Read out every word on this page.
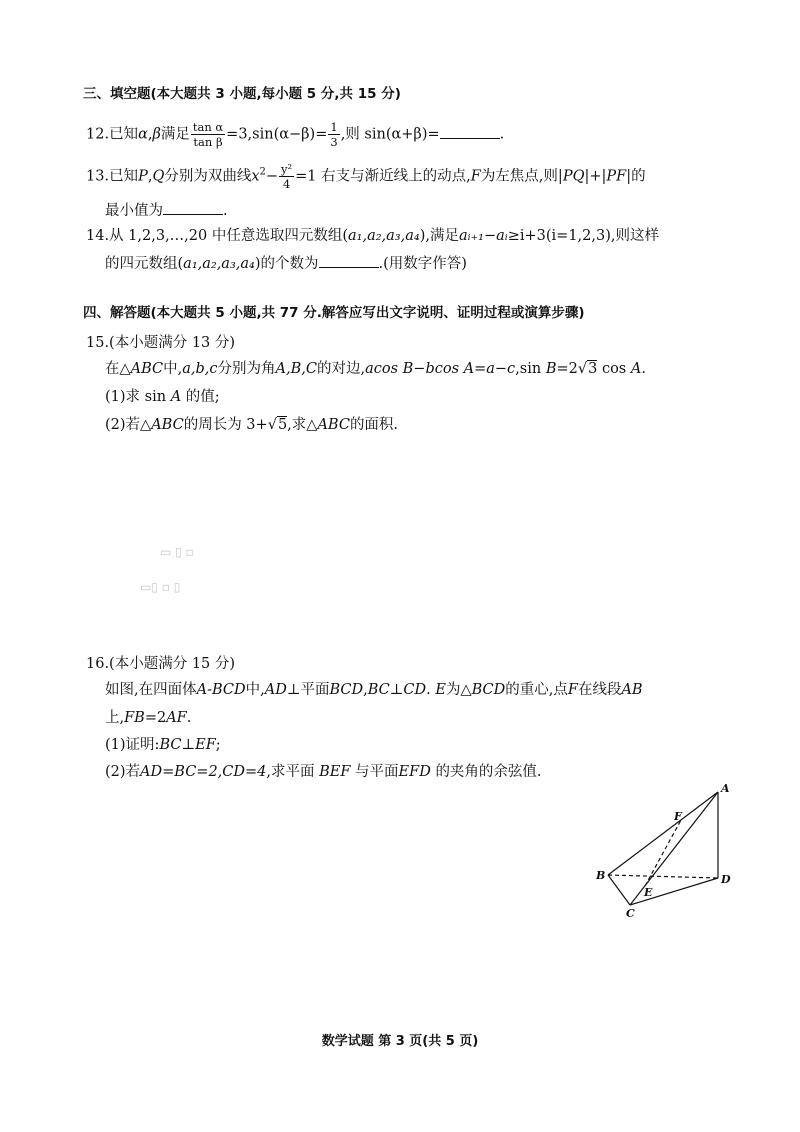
三、填空题(本大题共 3 小题,每小题 5 分,共 15 分)
12.已知α,β满足 $\frac{\text{tan α}}{\text{tan β}} =3,\sin(\alpha-\beta)= \frac{1}{3}$ ,则 sin(α+β)=	.
13.已知P,Q分别为双曲线$x^2- \frac{\text{y²}}{4} =1$ 右支与渐近线上的动点,F为左焦点,则|PQ|+|PF|的
最小值为	.
14.从 1,2,3,…,20 中任意选取四元数组(a₁,a₂,a₃,a₄),满足aᵢ₊₁−aᵢ≥i+3(i=1,2,3),则这样
的四元数组(a₁,a₂,a₃,a₄)的个数为	.(用数字作答)
四、解答题(本大题共 5 小题,共 77 分.解答应写出文字说明、证明过程或演算步骤)
15.(本小题满分 13 分)
在△ABC中,a,b,c分别为角A,B,C的对边,acos B−bcos A=a−c,sin B=2√3 cos A.
(1)求 sin A 的值;
(2)若△ABC的周长为 3+√5,求△ABC的面积.
▭ ▯ ▫
▭▯ ▫ ▯
16.(本小题满分 15 分)
如图,在四面体A-BCD中,AD⊥平面BCD,BC⊥CD. E为△BCD的重心,点F在线段AB
上,FB=2AF.
(1)证明:BC⊥EF;
(2)若AD=BC=2,CD=4,求平面 BEF 与平面EFD 的夹角的余弦值.
A
B
C
D
E
F
数学试题 第 3 页(共 5 页)
